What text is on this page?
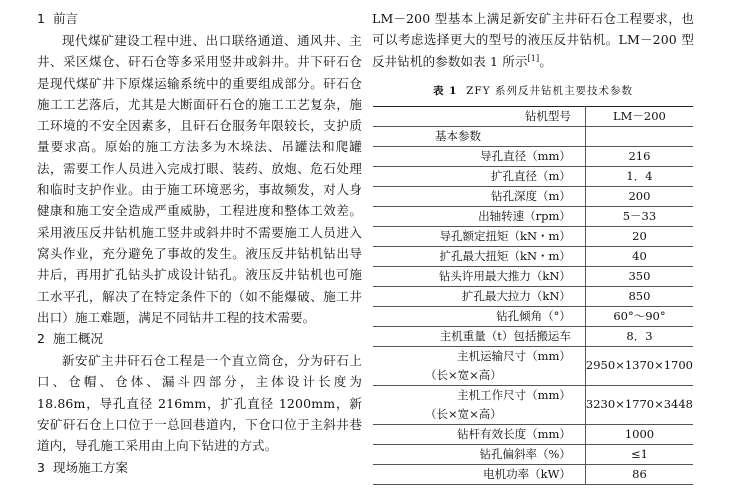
1 前言

现代煤矿建设工程中进、出口联络通道、通风井、主井、采区煤仓、矸石仓等多采用竖井或斜井。井下矸石仓是现代煤矿井下原煤运输系统中的重要组成部分。矸石仓施工工艺落后，尤其是大断面矸石仓的施工工艺复杂，施工环境的不安全因素多，且矸石仓服务年限较长，支护质量要求高。原始的施工方法多为木垛法、吊罐法和爬罐法，需要工作人员进入完成打眼、装药、放炮、危石处理和临时支护作业。由于施工环境恶劣，事故频发，对人身健康和施工安全造成严重威胁，工程进度和整体工效差。采用液压反井钻机施工竖井或斜井时不需要施工人员进入窝头作业，充分避免了事故的发生。液压反井钻机钻出导井后，再用扩孔钻头扩成设计钻孔。液压反井钻机也可施工水平孔，解决了在特定条件下的（如不能爆破、施工井出口）施工难题，满足不同钻井工程的技术需要。

2 施工概况

新安矿主井矸石仓工程是一个直立筒仓，分为矸石上口、仓帽、仓体、漏斗四部分，主体设计长度为 18.86m，导孔直径 216mm，扩孔直径 1200mm，新安矿矸石仓上口位于一总回巷道内，下仓口位于主斜井巷道内，导孔施工采用由上向下钻进的方式。

3 现场施工方案

LM－200 型基本上满足新安矿主井矸石仓工程要求，也可以考虑选择更大的型号的液压反井钻机。LM－200 型反井钻机的参数如表 1 所示[1]。

表 1 ZFY 系列反井钻机主要技术参数
钻机型号	LM－200
基本参数	
导孔直径（mm）	216
扩孔直径（m）	1．4
钻孔深度（m）	200
出轴转速（rpm）	5－33
导孔额定扭矩（kN・m）	20
扩孔最大扭矩（kN・m）	40
钻头许用最大推力（kN）	350
扩孔最大拉力（kN）	850
钻孔倾角（°）	60°～90°
主机重量（t）包括搬运车	8．3
主机运输尺寸（mm）	2950×1370×1700
（长×宽×高）	
主机工作尺寸（mm）	3230×1770×3448
（长×宽×高）	
钻杆有效长度（mm）	1000
钻孔偏斜率（%）	≤1
电机功率（kW）	86
